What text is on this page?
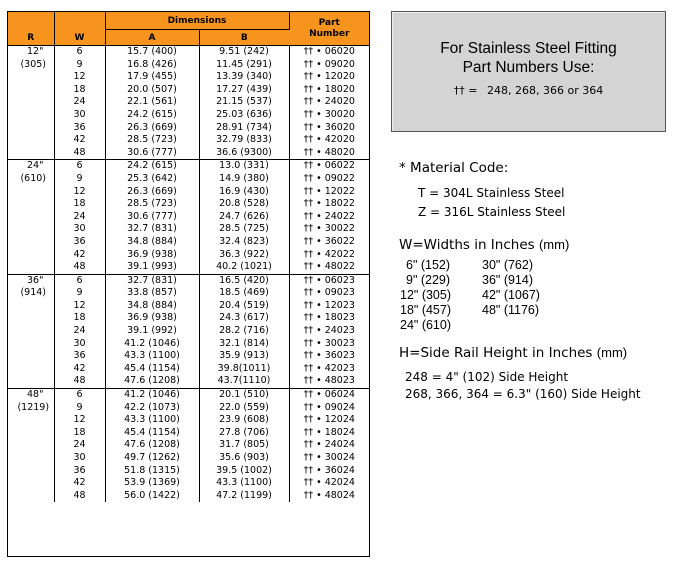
R	W	Dimensions		Part
Number
		A	B	

12"
(305)	6	15.7 (400)	9.51 (242)	†† • 06020
	9	16.8 (426)	11.45 (291)	†† • 09020
	12	17.9 (455)	13.39 (340)	†† • 12020
	18	20.0 (507)	17.27 (439)	†† • 18020
	24	22.1 (561)	21.15 (537)	†† • 24020
	30	24.2 (615)	25.03 (636)	†† • 30020
	36	26.3 (669)	28.91 (734)	†† • 36020
	42	28.5 (723)	32.79 (833)	†† • 42020
	48	30.6 (777)	36.6 (9300)	†† • 48020

24"
(610)	6	24.2 (615)	13.0 (331)	†† • 06022
	9	25.3 (642)	14.9 (380)	†† • 09022
	12	26.3 (669)	16.9 (430)	†† • 12022
	18	28.5 (723)	20.8 (528)	†† • 18022
	24	30.6 (777)	24.7 (626)	†† • 24022
	30	32.7 (831)	28.5 (725)	†† • 30022
	36	34.8 (884)	32.4 (823)	†† • 36022
	42	36.9 (938)	36.3 (922)	†† • 42022
	48	39.1 (993)	40.2 (1021)	†† • 48022

36"
(914)	6	32.7 (831)	16.5 (420)	†† • 06023
	9	33.8 (857)	18.5 (469)	†† • 09023
	12	34.8 (884)	20.4 (519)	†† • 12023
	18	36.9 (938)	24.3 (617)	†† • 18023
	24	39.1 (992)	28.2 (716)	†† • 24023
	30	41.2 (1046)	32.1 (814)	†† • 30023
	36	43.3 (1100)	35.9 (913)	†† • 36023
	42	45.4 (1154)	39.8(1011)	†† • 42023
	48	47.6 (1208)	43.7(1110)	†† • 48023

48"
(1219)	6	41.2 (1046)	20.1 (510)	†† • 06024
	9	42.2 (1073)	22.0 (559)	†† • 09024
	12	43.3 (1100)	23.9 (608)	†† • 12024
	18	45.4 (1154)	27.8 (706)	†† • 18024
	24	47.6 (1208)	31.7 (805)	†† • 24024
	30	49.7 (1262)	35.6 (903)	†† • 30024
	36	51.8 (1315)	39.5 (1002)	†† • 36024
	42	53.9 (1369)	43.3 (1100)	†† • 42024
	48	56.0 (1422)	47.2 (1199)	†† • 48024
For Stainless Steel Fitting
Part Numbers Use:
†† = 248, 268, 366 or 364
* Material Code:
T = 304L Stainless Steel
Z = 316L Stainless Steel
W=Widths in Inches (mm)
6" (152)
9" (229)
12" (305)
18" (457)
24" (610)
30" (762)
36" (914)
42" (1067)
48" (1176)
H=Side Rail Height in Inches (mm)
248 = 4" (102) Side Height
268, 366, 364 = 6.3" (160) Side Height
